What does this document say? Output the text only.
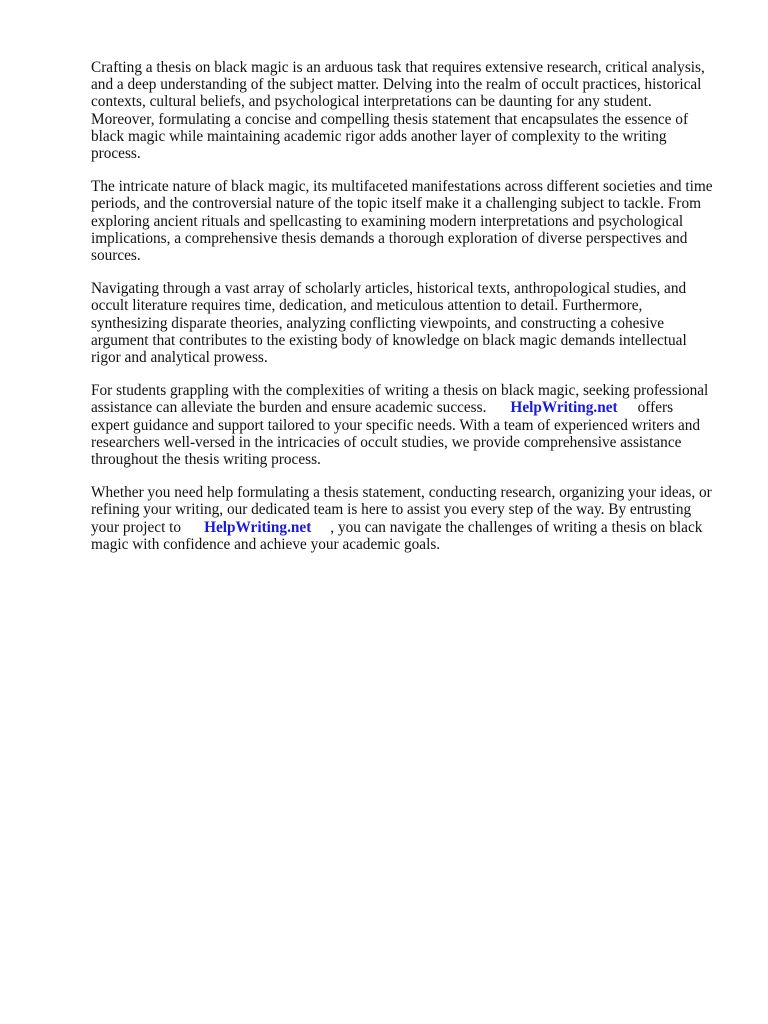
Crafting a thesis on black magic is an arduous task that requires extensive research, critical analysis,
and a deep understanding of the subject matter. Delving into the realm of occult practices, historical
contexts, cultural beliefs, and psychological interpretations can be daunting for any student.
Moreover, formulating a concise and compelling thesis statement that encapsulates the essence of
black magic while maintaining academic rigor adds another layer of complexity to the writing
process.

The intricate nature of black magic, its multifaceted manifestations across different societies and time
periods, and the controversial nature of the topic itself make it a challenging subject to tackle. From
exploring ancient rituals and spellcasting to examining modern interpretations and psychological
implications, a comprehensive thesis demands a thorough exploration of diverse perspectives and
sources.

Navigating through a vast array of scholarly articles, historical texts, anthropological studies, and
occult literature requires time, dedication, and meticulous attention to detail. Furthermore,
synthesizing disparate theories, analyzing conflicting viewpoints, and constructing a cohesive
argument that contributes to the existing body of knowledge on black magic demands intellectual
rigor and analytical prowess.

For students grappling with the complexities of writing a thesis on black magic, seeking professional
assistance can alleviate the burden and ensure academic success. HelpWriting.net offers
expert guidance and support tailored to your specific needs. With a team of experienced writers and
researchers well-versed in the intricacies of occult studies, we provide comprehensive assistance
throughout the thesis writing process.

Whether you need help formulating a thesis statement, conducting research, organizing your ideas, or
refining your writing, our dedicated team is here to assist you every step of the way. By entrusting
your project to HelpWriting.net , you can navigate the challenges of writing a thesis on black
magic with confidence and achieve your academic goals.
